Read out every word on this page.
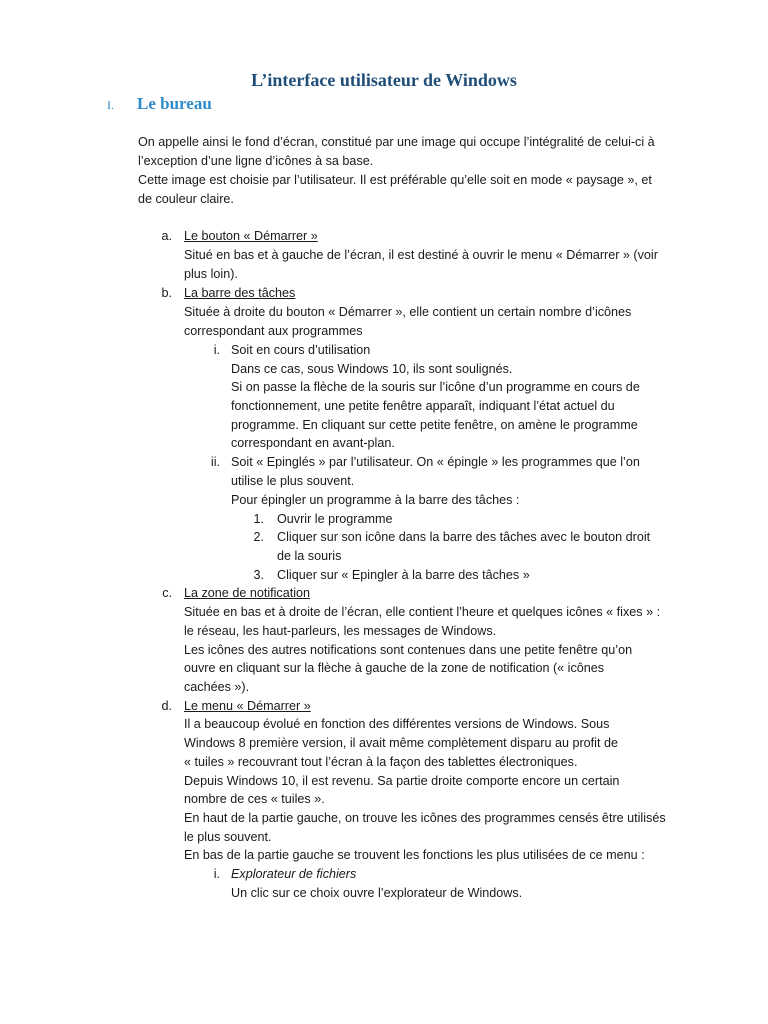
L’interface utilisateur de Windows
I. Le bureau
On appelle ainsi le fond d’écran, constitué par une image qui occupe l’intégralité de celui-ci à
l’exception d’une ligne d’icônes à sa base.
Cette image est choisie par l’utilisateur. Il est préférable qu’elle soit en mode « paysage », et
de couleur claire.
a. Le bouton « Démarrer »
Situé en bas et à gauche de l’écran, il est destiné à ouvrir le menu « Démarrer » (voir
plus loin).
b. La barre des tâches
Située à droite du bouton « Démarrer », elle contient un certain nombre d’icônes
correspondant aux programmes
i. Soit en cours d’utilisation
Dans ce cas, sous Windows 10, ils sont soulignés.
Si on passe la flèche de la souris sur l’icône d’un programme en cours de
fonctionnement, une petite fenêtre apparaît, indiquant l’état actuel du
programme. En cliquant sur cette petite fenêtre, on amène le programme
correspondant en avant-plan.
ii. Soit « Epinglés » par l’utilisateur. On « épingle » les programmes que l’on
utilise le plus souvent.
Pour épingler un programme à la barre des tâches :
1. Ouvrir le programme
2. Cliquer sur son icône dans la barre des tâches avec le bouton droit
de la souris
3. Cliquer sur « Epingler à la barre des tâches »
c. La zone de notification
Située en bas et à droite de l’écran, elle contient l’heure et quelques icônes « fixes » :
le réseau, les haut-parleurs, les messages de Windows.
Les icônes des autres notifications sont contenues dans une petite fenêtre qu’on
ouvre en cliquant sur la flèche à gauche de la zone de notification (« icônes
cachées »).
d. Le menu « Démarrer »
Il a beaucoup évolué en fonction des différentes versions de Windows. Sous
Windows 8 première version, il avait même complètement disparu au profit de
« tuiles » recouvrant tout l’écran à la façon des tablettes électroniques.
Depuis Windows 10, il est revenu. Sa partie droite comporte encore un certain
nombre de ces « tuiles ».
En haut de la partie gauche, on trouve les icônes des programmes censés être utilisés
le plus souvent.
En bas de la partie gauche se trouvent les fonctions les plus utilisées de ce menu :
i. Explorateur de fichiers
Un clic sur ce choix ouvre l’explorateur de Windows.
